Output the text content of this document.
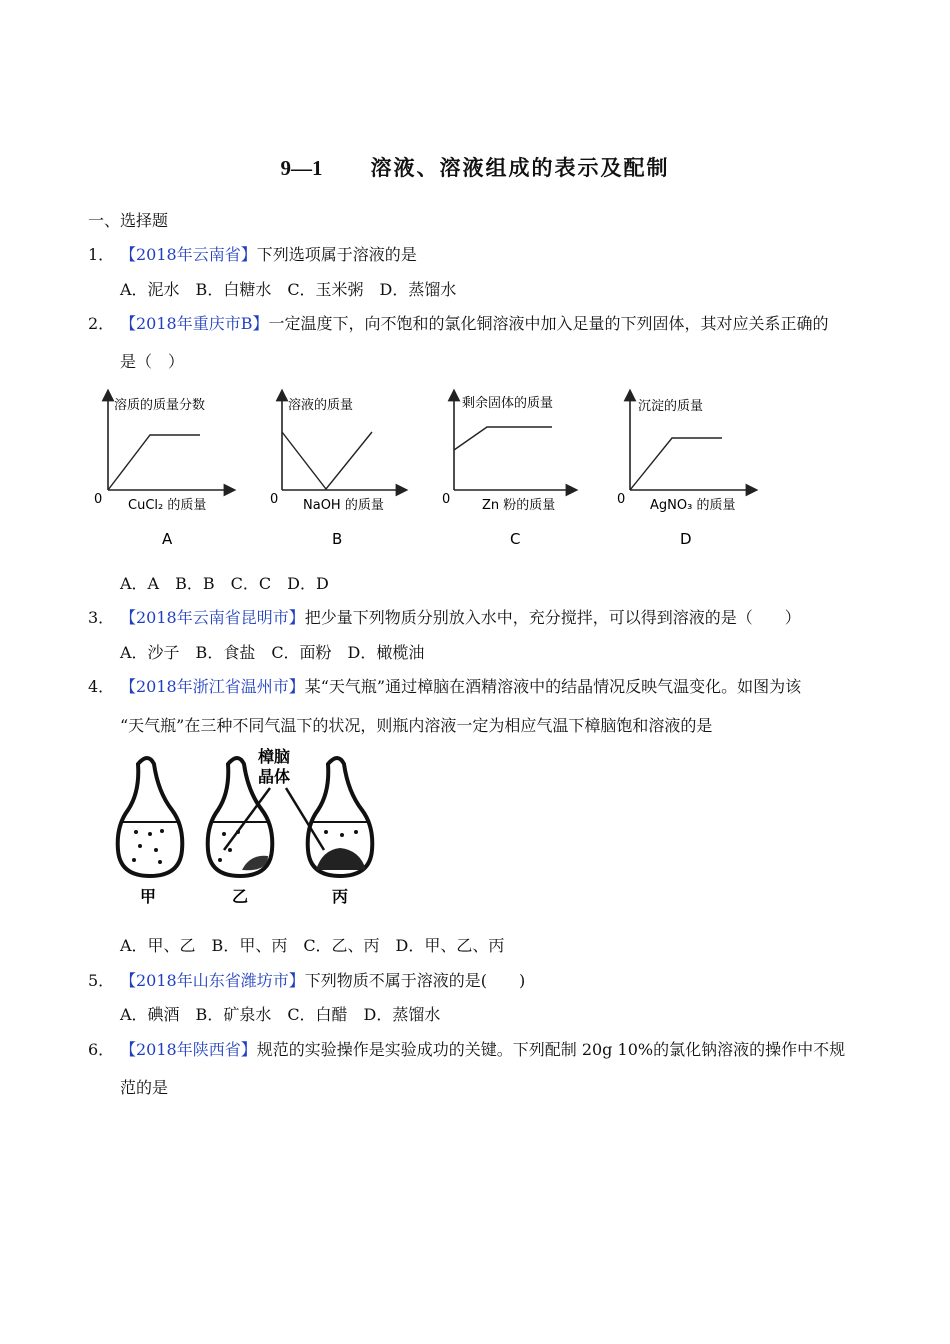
9—1 溶液、溶液组成的表示及配制
一、选择题
1． 【2018年云南省】下列选项属于溶液的是
A．泥水　B．白糖水　C．玉米粥　D．蒸馏水
2． 【2018年重庆市B】一定温度下，向不饱和的氯化铜溶液中加入足量的下列固体，其对应关系正确的
是（　）
溶质的质量分数
0 CuCl₂ 的质量
A
溶液的质量
0 NaOH 的质量
B
剩余固体的质量
0 Zn 粉的质量
C
沉淀的质量
0 AgNO₃ 的质量
D
A．A　B．B　C．C　D．D
3． 【2018年云南省昆明市】把少量下列物质分别放入水中，充分搅拌，可以得到溶液的是（　　）
A．沙子　B．食盐　C．面粉　D．橄榄油
4． 【2018年浙江省温州市】某“天气瓶”通过樟脑在酒精溶液中的结晶情况反映气温变化。如图为该
“天气瓶”在三种不同气温下的状况，则瓶内溶液一定为相应气温下樟脑饱和溶液的是
樟脑
晶体
甲	乙	丙
A．甲、乙　B．甲、丙　C．乙、丙　D．甲、乙、丙
5． 【2018年山东省潍坊市】下列物质不属于溶液的是(　　)
A．碘酒　B．矿泉水　C．白醋　D．蒸馏水
6． 【2018年陕西省】规范的实验操作是实验成功的关键。下列配制 20g 10%的氯化钠溶液的操作中不规
范的是
